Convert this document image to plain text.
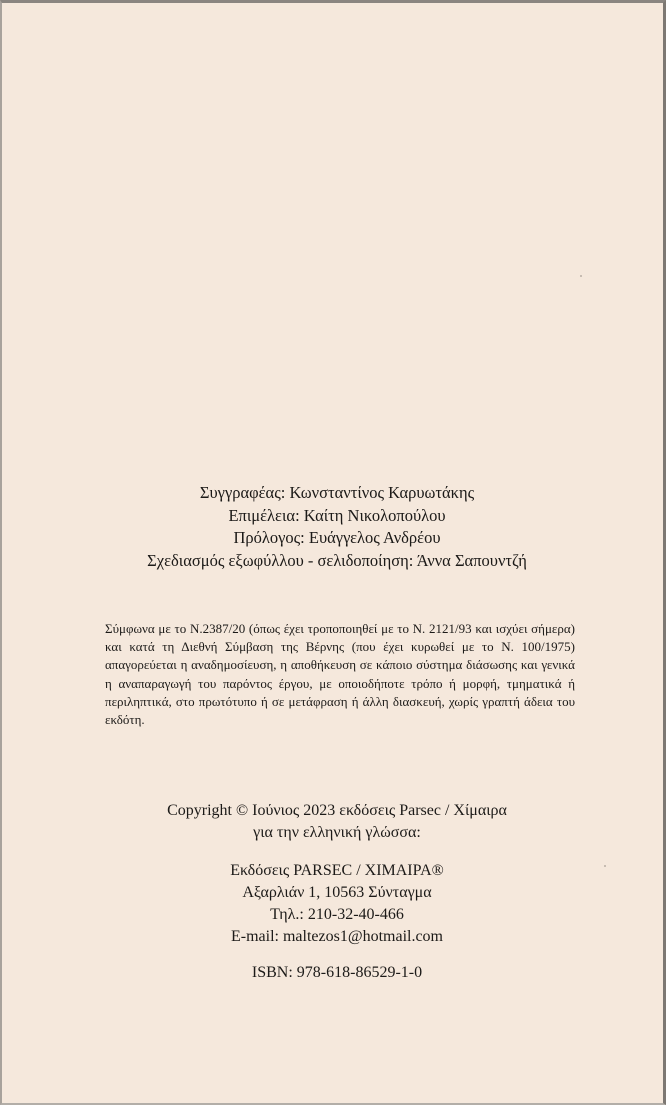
Συγγραφέας: Κωνσταντίνος Καρυωτάκης
Επιμέλεια: Καίτη Νικολοπούλου
Πρόλογος: Ευάγγελος Ανδρέου
Σχεδιασμός εξωφύλλου - σελιδοποίηση: Άννα Σαπουντζή
Σύμφωνα με το Ν.2387/20 (όπως έχει τροποποιηθεί με το Ν. 2121/93 και ισχύει σήμερα) και κατά τη Διεθνή Σύμβαση της Βέρνης (που έχει κυρωθεί με το Ν. 100/1975) απαγορεύεται η αναδημοσίευση, η αποθήκευση σε κάποιο σύστημα διάσωσης και γενικά η αναπαραγωγή του παρόντος έργου, με οποιοδήποτε τρόπο ή μορφή, τμηματικά ή περιληπτικά, στο πρωτότυπο ή σε μετάφραση ή άλλη διασκευή, χωρίς γραπτή άδεια του εκδότη.
Copyright © Ιούνιος 2023 εκδόσεις Parsec / Χίμαιρα
για την ελληνική γλώσσα:
Εκδόσεις PARSEC / ΧΙΜΑΙΡΑ®
Αξαρλιάν 1, 10563 Σύνταγμα
Τηλ.: 210-32-40-466
E-mail: maltezos1@hotmail.com
ISBN: 978-618-86529-1-0
